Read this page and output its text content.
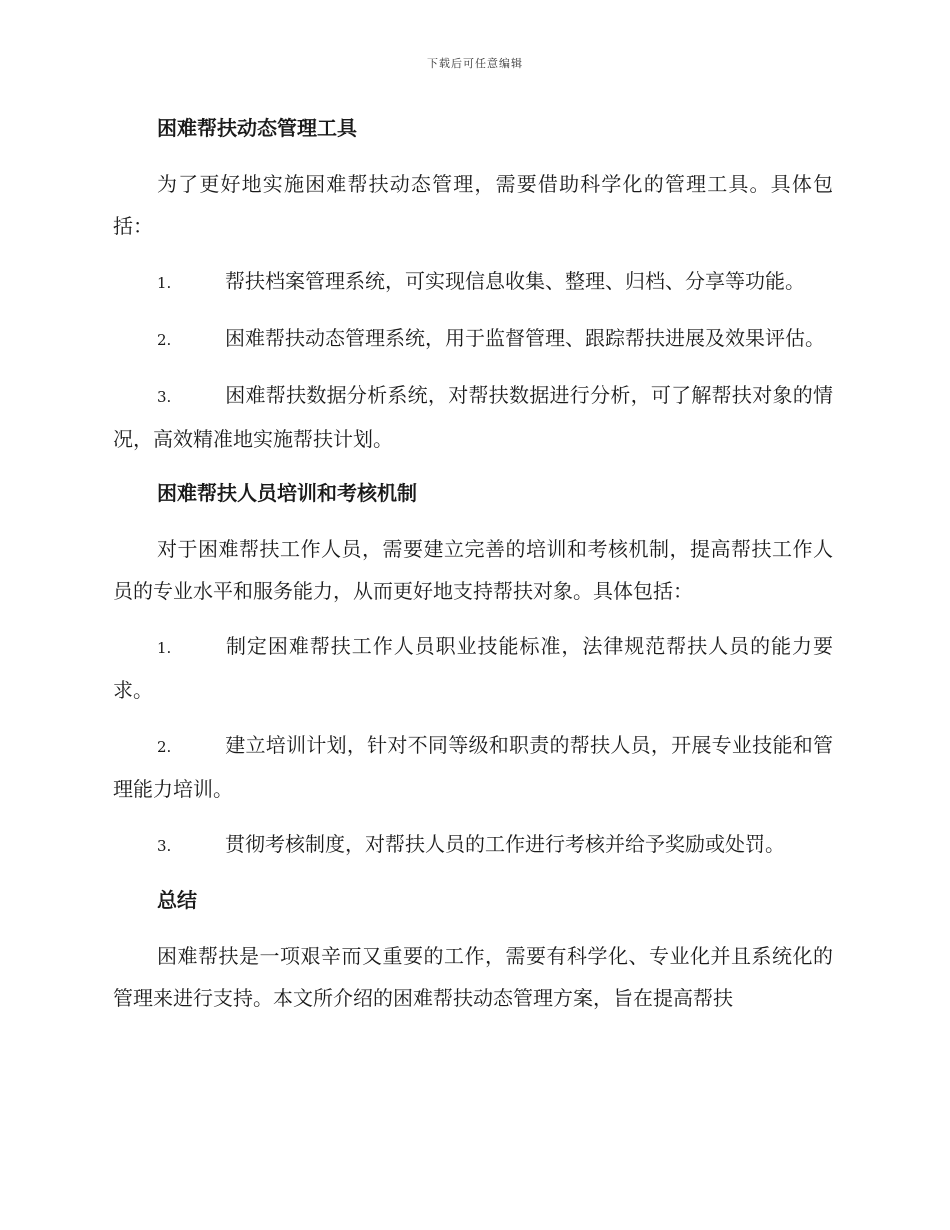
下载后可任意编辑
困难帮扶动态管理工具
为了更好地实施困难帮扶动态管理，需要借助科学化的管理工具。具体包括：
1.	帮扶档案管理系统，可实现信息收集、整理、归档、分享等功能。
2.	困难帮扶动态管理系统，用于监督管理、跟踪帮扶进展及效果评估。
3.	困难帮扶数据分析系统，对帮扶数据进行分析，可了解帮扶对象的情况，高效精准地实施帮扶计划。
困难帮扶人员培训和考核机制
对于困难帮扶工作人员，需要建立完善的培训和考核机制，提高帮扶工作人员的专业水平和服务能力，从而更好地支持帮扶对象。具体包括：
1.	制定困难帮扶工作人员职业技能标准，法律规范帮扶人员的能力要求。
2.	建立培训计划，针对不同等级和职责的帮扶人员，开展专业技能和管理能力培训。
3.	贯彻考核制度，对帮扶人员的工作进行考核并给予奖励或处罚。
总结
困难帮扶是一项艰辛而又重要的工作，需要有科学化、专业化并且系统化的管理来进行支持。本文所介绍的困难帮扶动态管理方案，旨在提高帮扶
